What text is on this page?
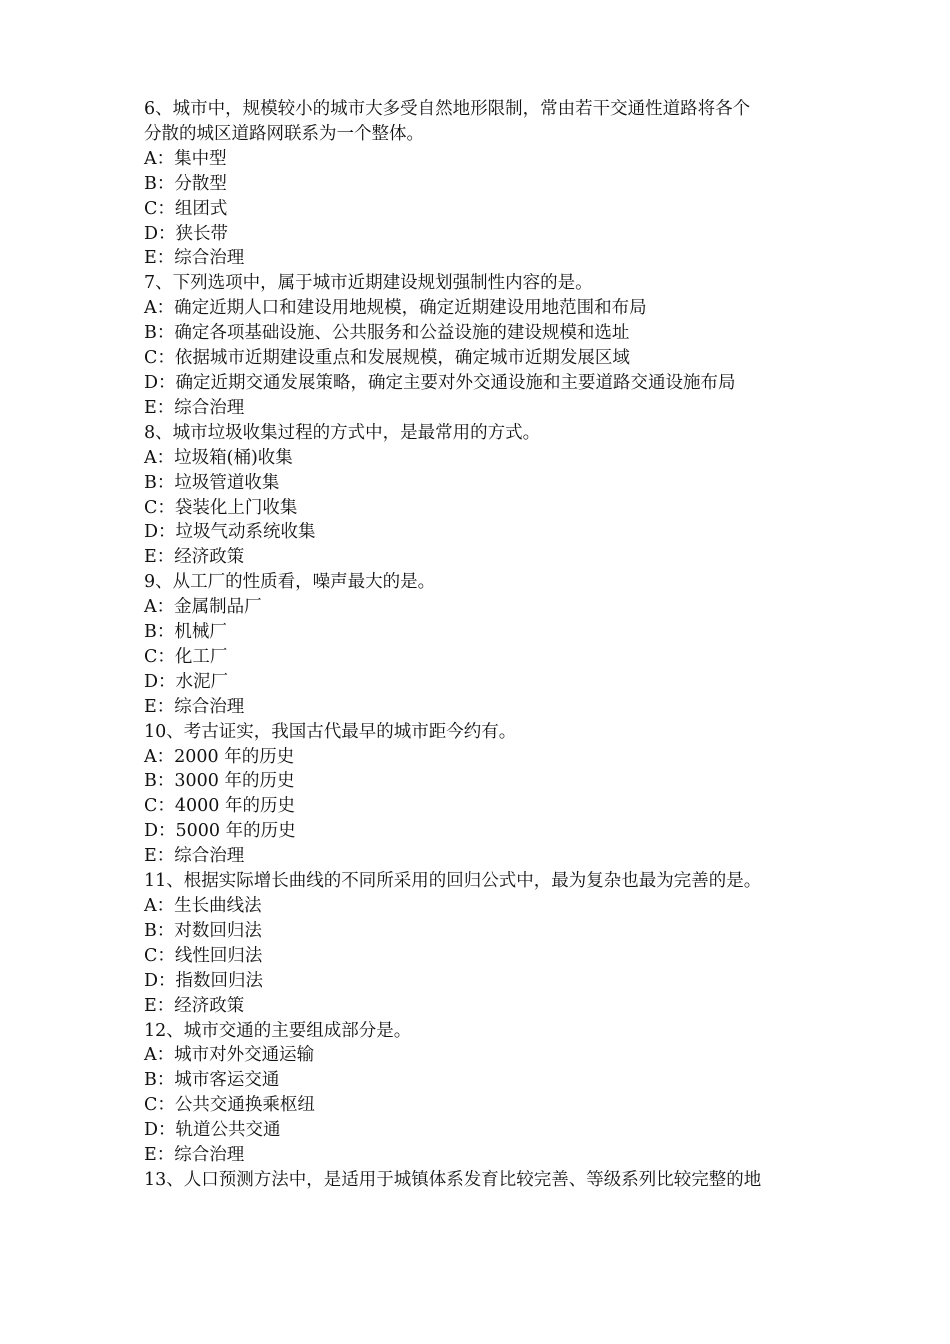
6、城市中，规模较小的城市大多受自然地形限制，常由若干交通性道路将各个

分散的城区道路网联系为一个整体。

A：集中型

B：分散型

C：组团式

D：狭长带

E：综合治理

7、下列选项中，属于城市近期建设规划强制性内容的是。

A：确定近期人口和建设用地规模，确定近期建设用地范围和布局

B：确定各项基础设施、公共服务和公益设施的建设规模和选址

C：依据城市近期建设重点和发展规模，确定城市近期发展区域

D：确定近期交通发展策略，确定主要对外交通设施和主要道路交通设施布局

E：综合治理

8、城市垃圾收集过程的方式中，是最常用的方式。

A：垃圾箱(桶)收集

B：垃圾管道收集

C：袋装化上门收集

D：垃圾气动系统收集

E：经济政策

9、从工厂的性质看，噪声最大的是。

A：金属制品厂

B：机械厂

C：化工厂

D：水泥厂

E：综合治理

10、考古证实，我国古代最早的城市距今约有。

A：2000 年的历史

B：3000 年的历史

C：4000 年的历史

D：5000 年的历史

E：综合治理

11、根据实际增长曲线的不同所采用的回归公式中，最为复杂也最为完善的是。

A：生长曲线法

B：对数回归法

C：线性回归法

D：指数回归法

E：经济政策

12、城市交通的主要组成部分是。

A：城市对外交通运输

B：城市客运交通

C：公共交通换乘枢纽

D：轨道公共交通

E：综合治理

13、人口预测方法中，是适用于城镇体系发育比较完善、等级系列比较完整的地
